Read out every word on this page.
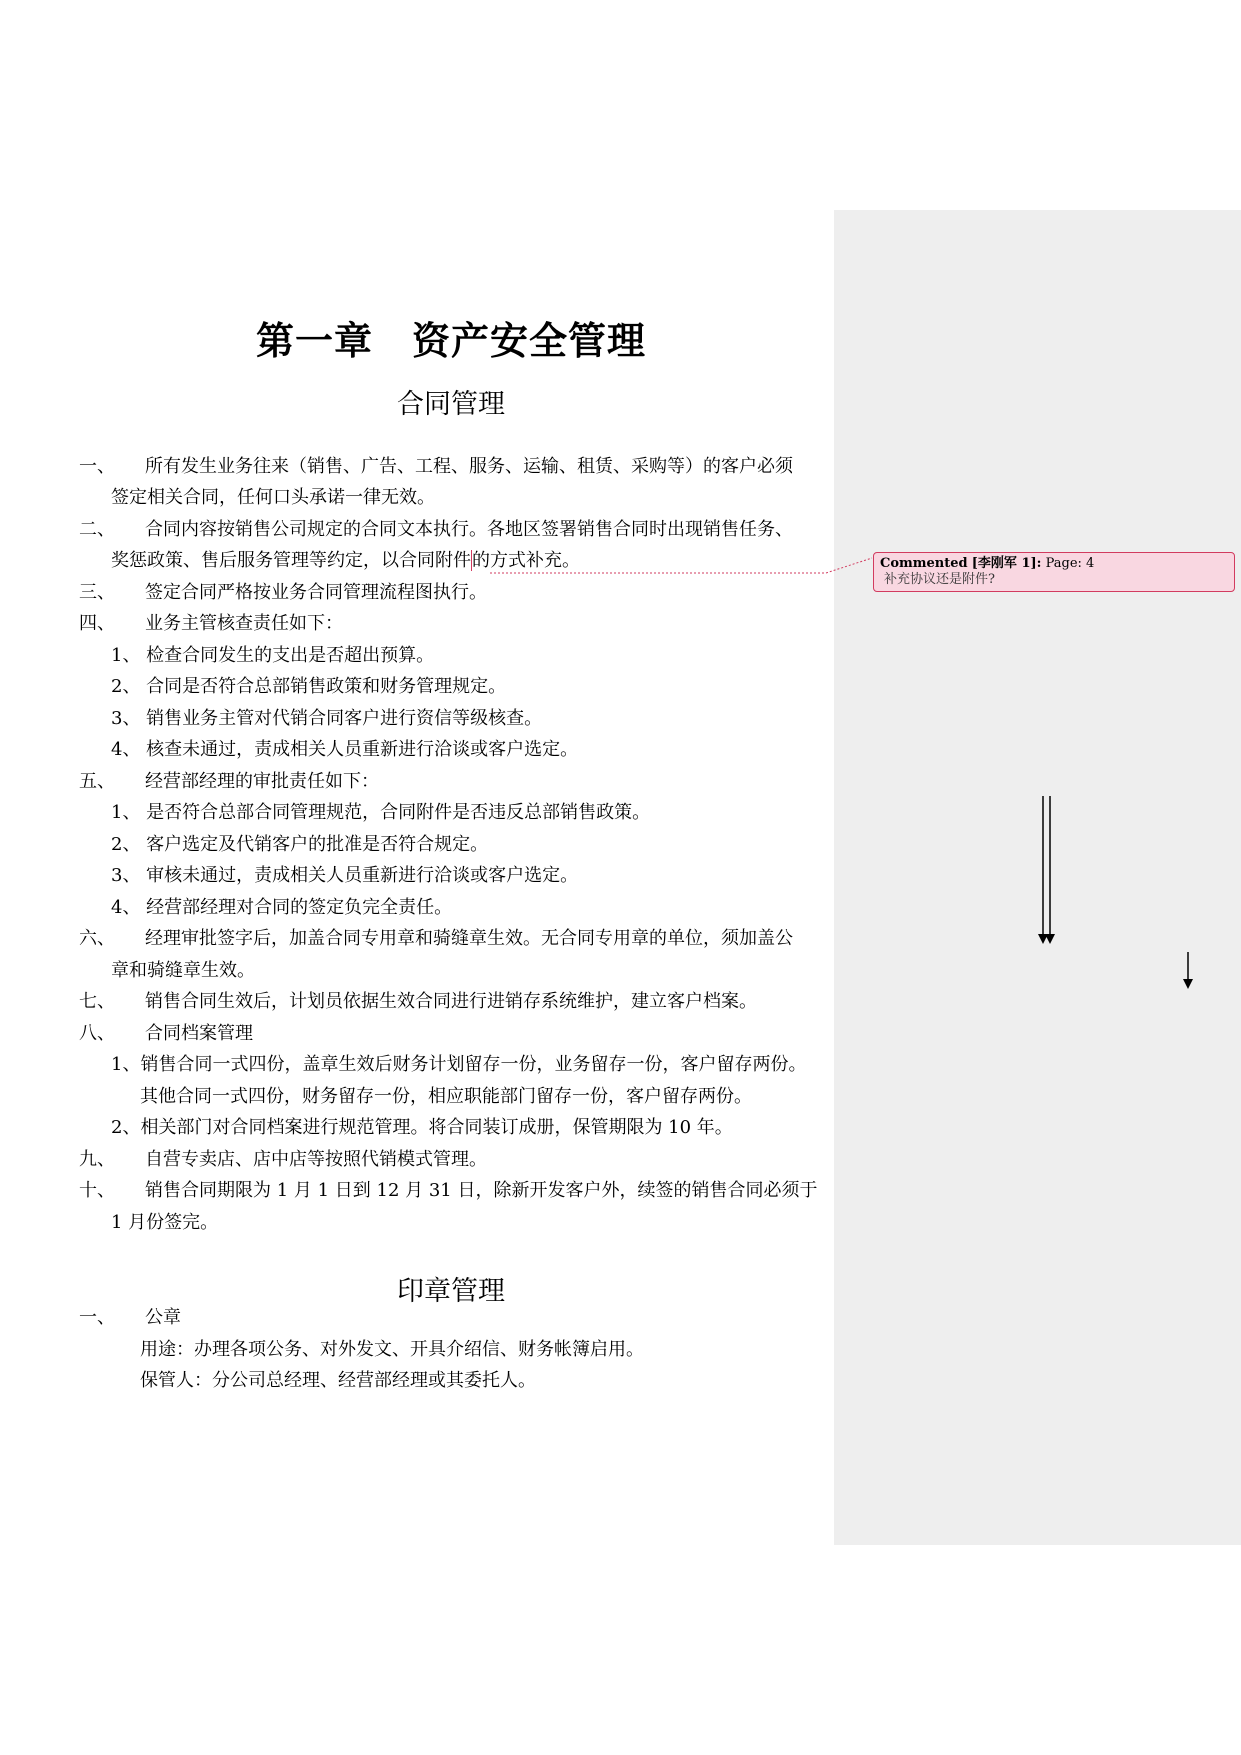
第一章　资产安全管理
合同管理
一、 所有发生业务往来（销售、广告、工程、服务、运输、租赁、采购等）的客户必须
签定相关合同，任何口头承诺一律无效。
二、 合同内容按销售公司规定的合同文本执行。各地区签署销售合同时出现销售任务、
奖惩政策、售后服务管理等约定，以合同附件的方式补充。
三、 签定合同严格按业务合同管理流程图执行。
四、 业务主管核查责任如下：
1、 检查合同发生的支出是否超出预算。
2、 合同是否符合总部销售政策和财务管理规定。
3、 销售业务主管对代销合同客户进行资信等级核查。
4、 核查未通过，责成相关人员重新进行洽谈或客户选定。
五、 经营部经理的审批责任如下：
1、 是否符合总部合同管理规范，合同附件是否违反总部销售政策。
2、 客户选定及代销客户的批准是否符合规定。
3、 审核未通过，责成相关人员重新进行洽谈或客户选定。
4、 经营部经理对合同的签定负完全责任。
六、 经理审批签字后，加盖合同专用章和骑缝章生效。无合同专用章的单位，须加盖公
章和骑缝章生效。
七、 销售合同生效后，计划员依据生效合同进行进销存系统维护，建立客户档案。
八、 合同档案管理
1、销售合同一式四份，盖章生效后财务计划留存一份，业务留存一份，客户留存两份。
其他合同一式四份，财务留存一份，相应职能部门留存一份，客户留存两份。
2、相关部门对合同档案进行规范管理。将合同装订成册，保管期限为 10 年。
九、 自营专卖店、店中店等按照代销模式管理。
十、 销售合同期限为 1 月 1 日到 12 月 31 日，除新开发客户外，续签的销售合同必须于
1 月份签完。
印章管理
一、 公章
用途：办理各项公务、对外发文、开具介绍信、财务帐簿启用。
保管人：分公司总经理、经营部经理或其委托人。
Commented [李刚军 1]: Page: 4
补充协议还是附件?
